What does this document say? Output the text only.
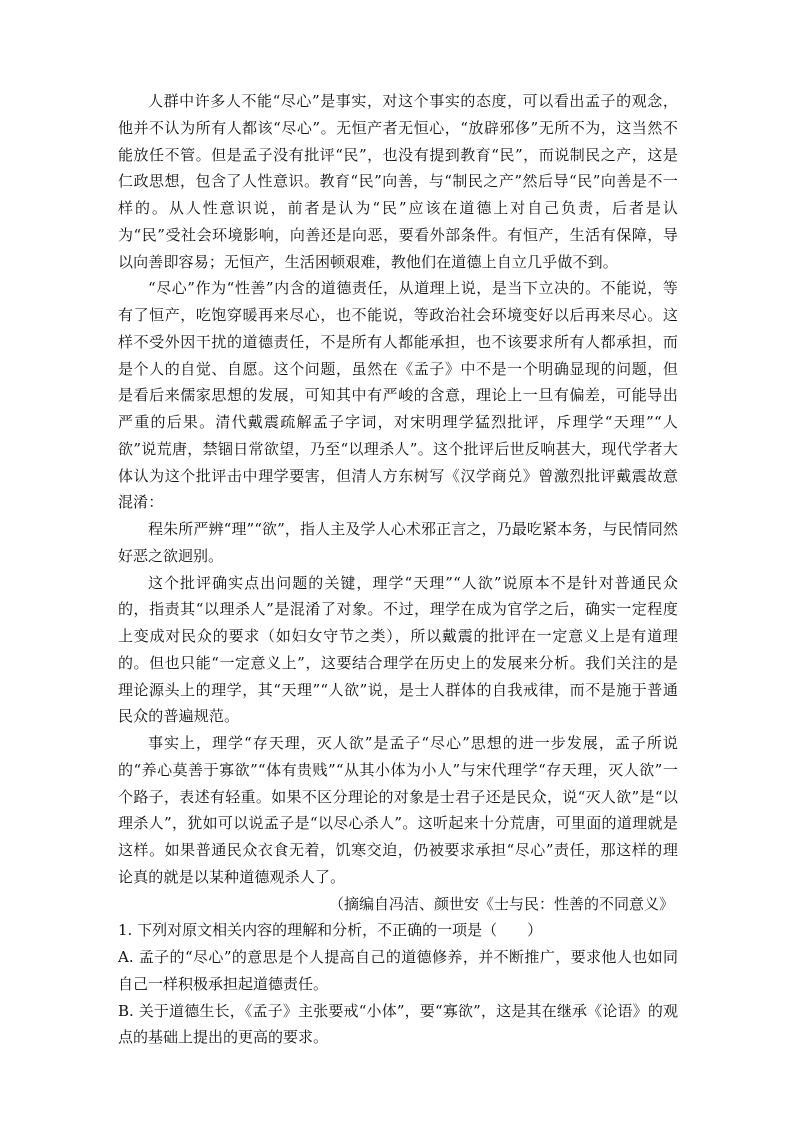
人群中许多人不能“尽心”是事实，对这个事实的态度，可以看出孟子的观念，他并不认为所有人都该“尽心”。无恒产者无恒心，“放辟邪侈”无所不为，这当然不能放任不管。但是孟子没有批评“民”，也没有提到教育“民”，而说制民之产，这是仁政思想，包含了人性意识。教育“民”向善，与“制民之产”然后导“民”向善是不一样的。从人性意识说，前者是认为“民”应该在道德上对自己负责，后者是认为“民”受社会环境影响，向善还是向恶，要看外部条件。有恒产，生活有保障，导以向善即容易；无恒产，生活困顿艰难，教他们在道德上自立几乎做不到。

“尽心”作为“性善”内含的道德责任，从道理上说，是当下立决的。不能说，等有了恒产，吃饱穿暖再来尽心，也不能说，等政治社会环境变好以后再来尽心。这样不受外因干扰的道德责任，不是所有人都能承担，也不该要求所有人都承担，而是个人的自觉、自愿。这个问题，虽然在《孟子》中不是一个明确显现的问题，但是看后来儒家思想的发展，可知其中有严峻的含意，理论上一旦有偏差，可能导出严重的后果。清代戴震疏解孟子字词，对宋明理学猛烈批评，斥理学“天理”“人欲”说荒唐，禁锢日常欲望，乃至“以理杀人”。这个批评后世反响甚大，现代学者大体认为这个批评击中理学要害，但清人方东树写《汉学商兑》曾激烈批评戴震故意混淆：

程朱所严辨“理”“欲”，指人主及学人心术邪正言之，乃最吃紧本务，与民情同然好恶之欲迥别。

这个批评确实点出问题的关键，理学“天理”“人欲”说原本不是针对普通民众的，指责其“以理杀人”是混淆了对象。不过，理学在成为官学之后，确实一定程度上变成对民众的要求（如妇女守节之类），所以戴震的批评在一定意义上是有道理的。但也只能“一定意义上”，这要结合理学在历史上的发展来分析。我们关注的是理论源头上的理学，其“天理”“人欲”说，是士人群体的自我戒律，而不是施于普通民众的普遍规范。

事实上，理学“存天理，灭人欲”是孟子“尽心”思想的进一步发展，孟子所说的“养心莫善于寡欲”“体有贵贱”“从其小体为小人”与宋代理学“存天理，灭人欲”一个路子，表述有轻重。如果不区分理论的对象是士君子还是民众，说“灭人欲”是“以理杀人”，犹如可以说孟子是“以尽心杀人”。这听起来十分荒唐，可里面的道理就是这样。如果普通民众衣食无着，饥寒交迫，仍被要求承担“尽心”责任，那这样的理论真的就是以某种道德观杀人了。

（摘编自冯洁、颜世安《士与民：性善的不同意义》

1. 下列对原文相关内容的理解和分析，不正确的一项是（　　）

A. 孟子的“尽心”的意思是个人提高自己的道德修养，并不断推广，要求他人也如同自己一样积极承担起道德责任。

B. 关于道德生长，《孟子》主张要戒“小体”，要“寡欲”，这是其在继承《论语》的观点的基础上提出的更高的要求。
